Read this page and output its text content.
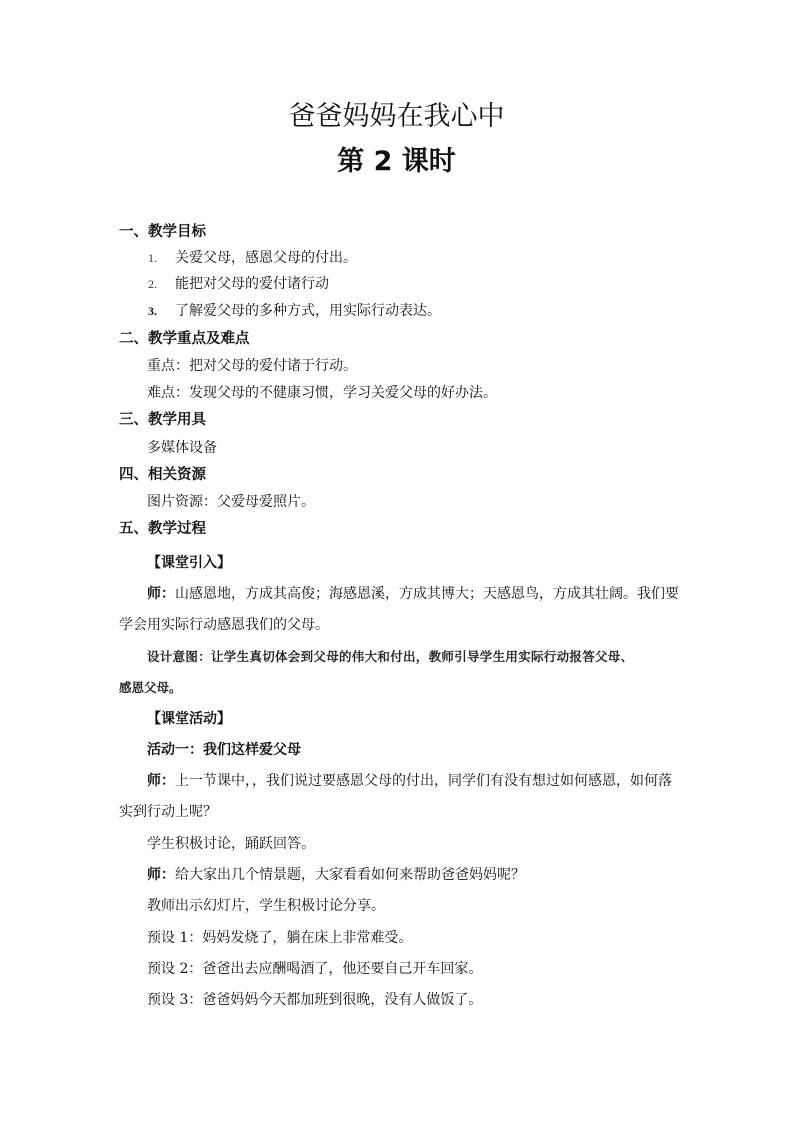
爸爸妈妈在我心中
第 2 课时
一、教学目标
1. 关爱父母，感恩父母的付出。
2. 能把对父母的爱付诸行动
3. 了解爱父母的多种方式，用实际行动表达。
二、教学重点及难点
重点：把对父母的爱付诸于行动。
难点：发现父母的不健康习惯，学习关爱父母的好办法。
三、教学用具
多媒体设备
四、相关资源
图片资源：父爱母爱照片。
五、教学过程
【课堂引入】
师：山感恩地，方成其高俊；海感恩溪，方成其博大；天感恩鸟，方成其壮阔。我们要
学会用实际行动感恩我们的父母。
设计意图：让学生真切体会到父母的伟大和付出，教师引导学生用实际行动报答父母、
感恩父母。
【课堂活动】
活动一：我们这样爱父母
师：上一节课中，，我们说过要感恩父母的付出，同学们有没有想过如何感恩，如何落
实到行动上呢？
学生积极讨论，踊跃回答。
师：给大家出几个情景题，大家看看如何来帮助爸爸妈妈呢？
教师出示幻灯片，学生积极讨论分享。
预设 1：妈妈发烧了，躺在床上非常难受。
预设 2：爸爸出去应酬喝酒了，他还要自己开车回家。
预设 3：爸爸妈妈今天都加班到很晚，没有人做饭了。
